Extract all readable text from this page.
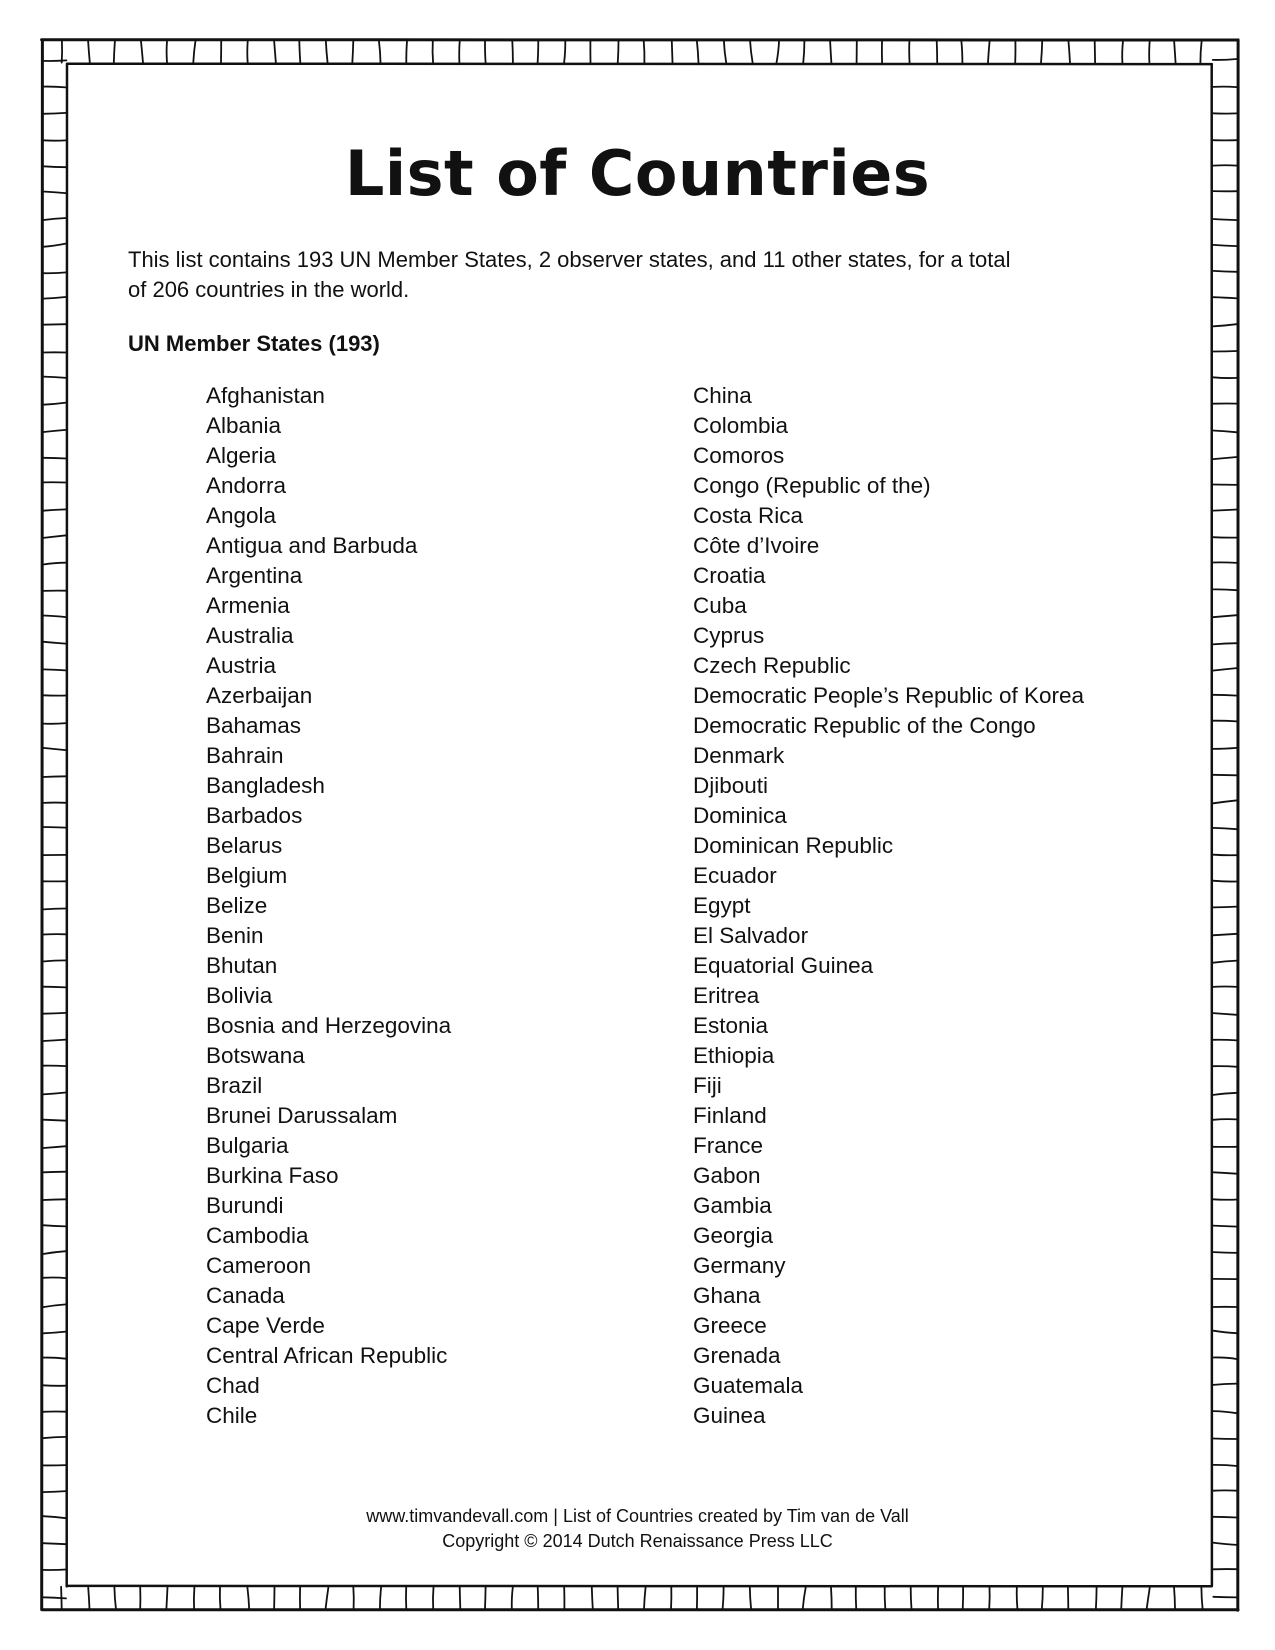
List of Countries
This list contains 193 UN Member States, 2 observer states, and 11 other states, for a total
of 206 countries in the world.
UN Member States (193)
Afghanistan
Albania
Algeria
Andorra
Angola
Antigua and Barbuda
Argentina
Armenia
Australia
Austria
Azerbaijan
Bahamas
Bahrain
Bangladesh
Barbados
Belarus
Belgium
Belize
Benin
Bhutan
Bolivia
Bosnia and Herzegovina
Botswana
Brazil
Brunei Darussalam
Bulgaria
Burkina Faso
Burundi
Cambodia
Cameroon
Canada
Cape Verde
Central African Republic
Chad
Chile
China
Colombia
Comoros
Congo (Republic of the)
Costa Rica
Côte d’Ivoire
Croatia
Cuba
Cyprus
Czech Republic
Democratic People’s Republic of Korea
Democratic Republic of the Congo
Denmark
Djibouti
Dominica
Dominican Republic
Ecuador
Egypt
El Salvador
Equatorial Guinea
Eritrea
Estonia
Ethiopia
Fiji
Finland
France
Gabon
Gambia
Georgia
Germany
Ghana
Greece
Grenada
Guatemala
Guinea
www.timvandevall.com | List of Countries created by Tim van de Vall
Copyright © 2014 Dutch Renaissance Press LLC
